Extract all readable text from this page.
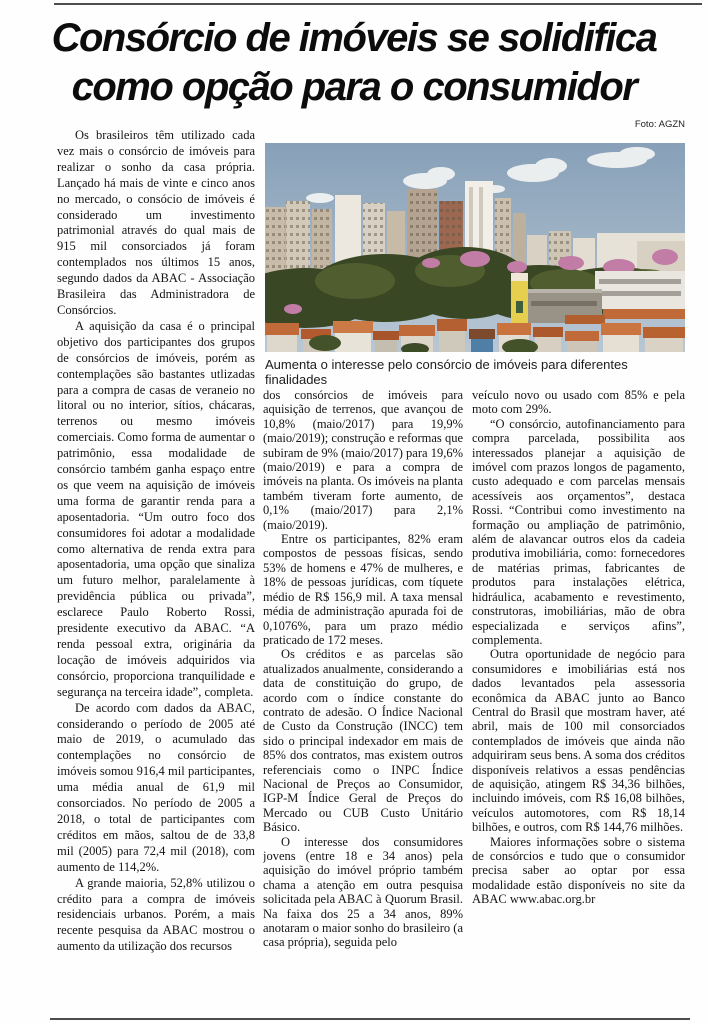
Consórcio de imóveis se solidifica
como opção para o consumidor
Foto: AGZN
Aumenta o interesse pelo consórcio de imóveis para diferentes finalidades

Os brasileiros têm utilizado cada vez mais o consórcio de imóveis para realizar o sonho da casa própria. Lançado há mais de vinte e cinco anos no mercado, o consócio de imóveis é considerado um investimento patrimonial através do qual mais de 915 mil consorciados já foram contemplados nos últimos 15 anos, segundo dados da ABAC - Associação Brasileira das Administradora de Consórcios.

A aquisição da casa é o principal objetivo dos participantes dos grupos de consórcios de imóveis, porém as contemplações são bastantes utlizadas para a compra de casas de veraneio no litoral ou no interior, sítios, chácaras, terrenos ou mesmo imóveis comerciais. Como forma de aumentar o patrimônio, essa modalidade de consórcio também ganha espaço entre os que veem na aquisição de imóveis uma forma de garantir renda para a aposentadoria. “Um outro foco dos consumidores foi adotar a modalidade como alternativa de renda extra para aposentadoria, uma opção que sinaliza um futuro melhor, paralelamente à previdência pública ou privada”, esclarece Paulo Roberto Rossi, presidente executivo da ABAC. “A renda pessoal extra, originária da locação de imóveis adquiridos via consórcio, proporciona tranquilidade e segurança na terceira idade”, completa.

De acordo com dados da ABAC, considerando o período de 2005 até maio de 2019, o acumulado das contemplações no consórcio de imóveis somou 916,4 mil participantes, uma média anual de 61,9 mil consorciados. No período de 2005 a 2018, o total de participantes com créditos em mãos, saltou de de 33,8 mil (2005) para 72,4 mil (2018), com aumento de 114,2%.

A grande maioria, 52,8% utilizou o crédito para a compra de imóveis residenciais urbanos. Porém, a mais recente pesquisa da ABAC mostrou o aumento da utilização dos recursos

dos consórcios de imóveis para aquisição de terrenos, que avançou de 10,8% (maio/2017) para 19,9% (maio/2019); construção e reformas que subiram de 9% (maio/2017) para 19,6% (maio/2019) e para a compra de imóveis na planta. Os imóveis na planta também tiveram forte aumento, de 0,1% (maio/2017) para 2,1% (maio/2019).

Entre os participantes, 82% eram compostos de pessoas físicas, sendo 53% de homens e 47% de mulheres, e 18% de pessoas jurídicas, com tíquete médio de R$ 156,9 mil. A taxa mensal média de administração apurada foi de 0,1076%, para um prazo médio praticado de 172 meses.

Os créditos e as parcelas são atualizados anualmente, considerando a data de constituição do grupo, de acordo com o índice constante do contrato de adesão. O Índice Nacional de Custo da Construção (INCC) tem sido o principal indexador em mais de 85% dos contratos, mas existem outros referenciais como o INPC Índice Nacional de Preços ao Consumidor, IGP-M Índice Geral de Preços do Mercado ou CUB Custo Unitário Básico.

O interesse dos consumidores jovens (entre 18 e 34 anos) pela aquisição do imóvel próprio também chama a atenção em outra pesquisa solicitada pela ABAC à Quorum Brasil. Na faixa dos 25 a 34 anos, 89% anotaram o maior sonho do brasileiro (a casa própria), seguida pelo

veículo novo ou usado com 85% e pela moto com 29%.

“O consórcio, autofinanciamento para compra parcelada, possibilita aos interessados planejar a aquisição de imóvel com prazos longos de pagamento, custo adequado e com parcelas mensais acessíveis aos orçamentos”, destaca Rossi. “Contribui como investimento na formação ou ampliação de patrimônio, além de alavancar outros elos da cadeia produtiva imobiliária, como: fornecedores de matérias primas, fabricantes de produtos para instalações elétrica, hidráulica, acabamento e revestimento, construtoras, imobiliárias, mão de obra especializada e serviços afins”, complementa.

Outra oportunidade de negócio para consumidores e imobiliárias está nos dados levantados pela assessoria econômica da ABAC junto ao Banco Central do Brasil que mostram haver, até abril, mais de 100 mil consorciados contemplados de imóveis que ainda não adquiriram seus bens. A soma dos créditos disponíveis relativos a essas pendências de aquisição, atingem R$ 34,36 bilhões, incluindo imóveis, com R$ 16,08 bilhões, veículos automotores, com R$ 18,14 bilhões, e outros, com R$ 144,76 milhões.

Maiores informações sobre o sistema de consórcios e tudo que o consumidor precisa saber ao optar por essa modalidade estão disponíveis no site da ABAC www.abac.org.br
